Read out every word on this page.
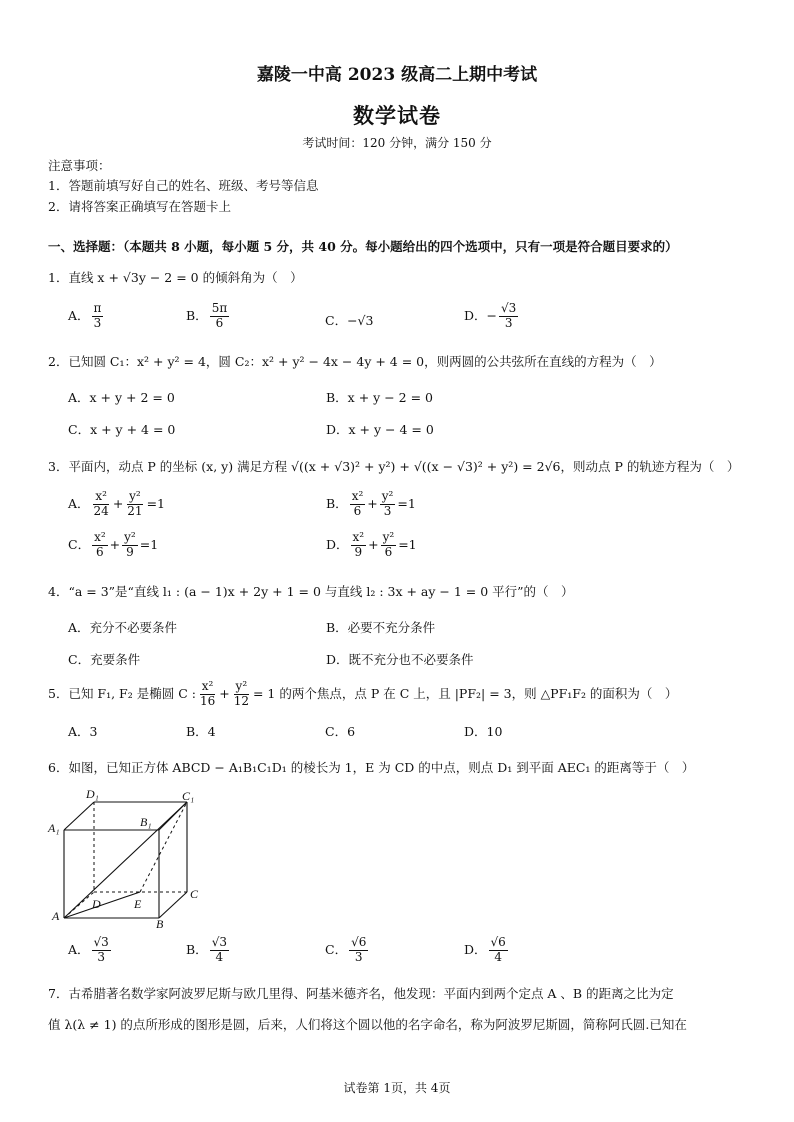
嘉陵一中高 2023 级高二上期中考试
数学试卷
考试时间：120 分钟，满分 150 分
注意事项：
1．答题前填写好自己的姓名、班级、考号等信息
2．请将答案正确填写在答题卡上
一、选择题：（本题共 8 小题，每小题 5 分，共 40 分。每小题给出的四个选项中，只有一项是符合题目要求的）
1．直线 x + √3y − 2 = 0 的倾斜角为（　）
A． $\frac{\pi}{3}$	B． $\frac{5\pi}{6}$	C．−√3	D．− $\frac{√3}{3}$
2．已知圆 C₁：x² + y² = 4，圆 C₂：x² + y² − 4x − 4y + 4 = 0，则两圆的公共弦所在直线的方程为（　）
A．x + y + 2 = 0	B．x + y − 2 = 0
C．x + y + 4 = 0	D．x + y − 4 = 0
3．平面内，动点 P 的坐标 (x, y) 满足方程 √((x + √3)² + y²) + √((x − √3)² + y²) = 2√6，则动点 P 的轨迹方程为（　）
A． $\frac{\text{x²}}{24} + \frac{\text{y²}}{21} =1$	B． $\frac{\text{x²}}{6} + \frac{\text{y²}}{3} =1$
C． $\frac{\text{x²}}{6} + \frac{\text{y²}}{9} =1$	D． $\frac{\text{x²}}{9} + \frac{\text{y²}}{6} =1$
4．“a = 3”是“直线 l₁ : (a − 1)x + 2y + 1 = 0 与直线 l₂ : 3x + ay − 1 = 0 平行”的（　）
A．充分不必要条件	B．必要不充分条件
C．充要条件	D．既不充分也不必要条件
5．已知 F₁, F₂ 是椭圆 C : $\frac{\text{x²}}{16} + \frac{\text{y²}}{12} = 1$ 的两个焦点，点 P 在 C 上，且 |PF₂| = 3，则 △PF₁F₂ 的面积为（　）
A．3	B．4	C．6	D．10
6．如图，已知正方体 ABCD − A₁B₁C₁D₁ 的棱长为 1，E 为 CD 的中点，则点 D₁ 到平面 AEC₁ 的距离等于（　）
D₁	C₁
A₁	B₁
D	E
C
A
B
A． $\frac{√3}{3}$	B． $\frac{√3}{4}$	C． $\frac{√6}{3}$	D． $\frac{√6}{4}$
7．古希腊著名数学家阿波罗尼斯与欧几里得、阿基米德齐名，他发现：平面内到两个定点 A 、B 的距离之比为定
值 λ(λ ≠ 1) 的点所形成的图形是圆，后来，人们将这个圆以他的名字命名，称为阿波罗尼斯圆，简称阿氏圆.已知在
试卷第 1页，共 4页
